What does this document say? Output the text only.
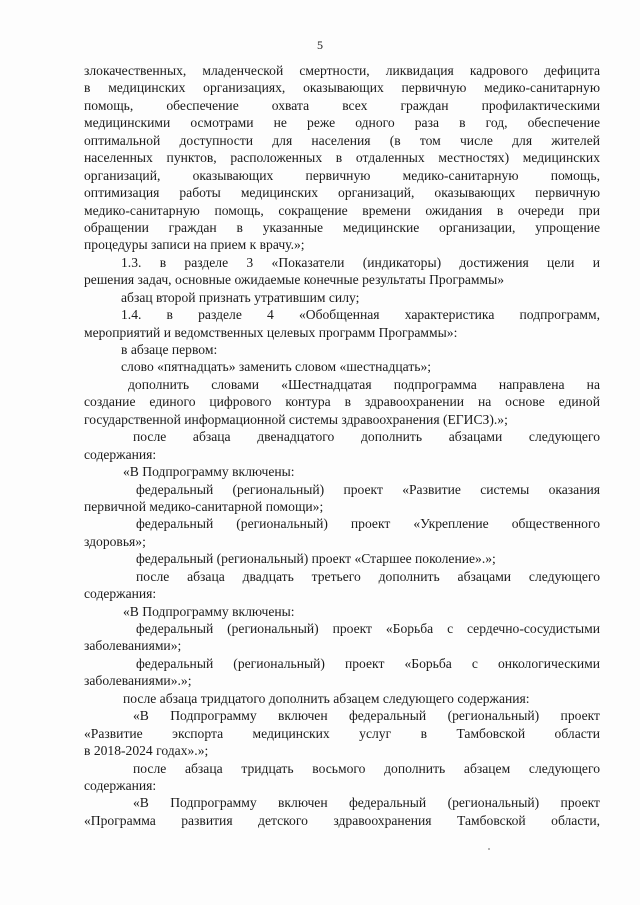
5
злокачественных, младенческой смертности, ликвидация кадрового дефицита
в медицинских организациях, оказывающих первичную медико-санитарную
помощь, обеспечение охвата всех граждан профилактическими
медицинскими осмотрами не реже одного раза в год, обеспечение
оптимальной доступности для населения (в том числе для жителей
населенных пунктов, расположенных в отдаленных местностях) медицинских
организаций, оказывающих первичную медико-санитарную помощь,
оптимизация работы медицинских организаций, оказывающих первичную
медико-санитарную помощь, сокращение времени ожидания в очереди при
обращении граждан в указанные медицинские организации, упрощение
процедуры записи на прием к врачу.»;
1.3. в разделе 3 «Показатели (индикаторы) достижения цели и
решения задач, основные ожидаемые конечные результаты Программы»
абзац второй признать утратившим силу;
1.4. в разделе 4 «Обобщенная характеристика подпрограмм,
мероприятий и ведомственных целевых программ Программы»:
в абзаце первом:
слово «пятнадцать» заменить словом «шестнадцать»;
дополнить словами «Шестнадцатая подпрограмма направлена на
создание единого цифрового контура в здравоохранении на основе единой
государственной информационной системы здравоохранения (ЕГИСЗ).»;
после абзаца двенадцатого дополнить абзацами следующего
содержания:
«В Подпрограмму включены:
федеральный (региональный) проект «Развитие системы оказания
первичной медико-санитарной помощи»;
федеральный (региональный) проект «Укрепление общественного
здоровья»;
федеральный (региональный) проект «Старшее поколение».»;
после абзаца двадцать третьего дополнить абзацами следующего
содержания:
«В Подпрограмму включены:
федеральный (региональный) проект «Борьба с сердечно-сосудистыми
заболеваниями»;
федеральный (региональный) проект «Борьба с онкологическими
заболеваниями».»;
после абзаца тридцатого дополнить абзацем следующего содержания:
«В Подпрограмму включен федеральный (региональный) проект
«Развитие экспорта медицинских услуг в Тамбовской области
в 2018-2024 годах».»;
после абзаца тридцать восьмого дополнить абзацем следующего
содержания:
«В Подпрограмму включен федеральный (региональный) проект
«Программа развития детского здравоохранения Тамбовской области,
